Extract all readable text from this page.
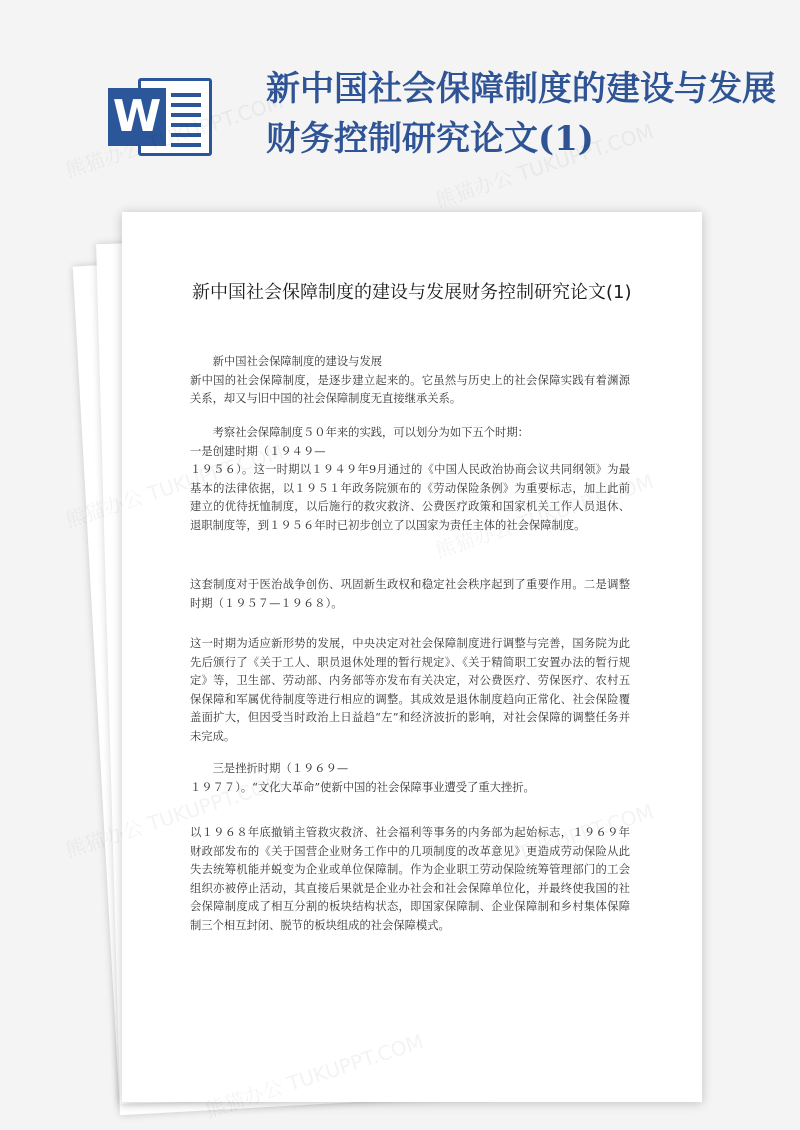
W
新中国社会保障制度的建设与发展财务控制研究论文(1)
新中国社会保障制度的建设与发展财务控制研究论文(1)

　　新中国社会保障制度的建设与发展
新中国的社会保障制度，是逐步建立起来的。它虽然与历史上的社会保障实践有着渊源关系，却又与旧中国的社会保障制度无直接继承关系。

　　考察社会保障制度５０年来的实践，可以划分为如下五个时期：
一是创建时期（１９４９—
１９５６）。这一时期以１９４９年9月通过的《中国人民政治协商会议共同纲领》为最基本的法律依据，以１９５１年政务院颁布的《劳动保险条例》为重要标志，加上此前建立的优待抚恤制度，以后施行的救灾救济、公费医疗政策和国家机关工作人员退休、退职制度等，到１９５６年时已初步创立了以国家为责任主体的社会保障制度。

这套制度对于医治战争创伤、巩固新生政权和稳定社会秩序起到了重要作用。二是调整时期（１９５７—１９６８）。

这一时期为适应新形势的发展，中央决定对社会保障制度进行调整与完善，国务院为此先后颁行了《关于工人、职员退休处理的暂行规定》、《关于精简职工安置办法的暂行规定》等，卫生部、劳动部、内务部等亦发布有关决定，对公费医疗、劳保医疗、农村五保保障和军属优待制度等进行相应的调整。其成效是退休制度趋向正常化、社会保险覆盖面扩大，但因受当时政治上日益趋“左”和经济波折的影响，对社会保障的调整任务并未完成。

　　三是挫折时期（１９６９—
１９７７）。“文化大革命”使新中国的社会保障事业遭受了重大挫折。

以１９６８年底撤销主管救灾救济、社会福利等事务的内务部为起始标志，１９６９年财政部发布的《关于国营企业财务工作中的几项制度的改革意见》更造成劳动保险从此失去统筹机能并蜕变为企业或单位保障制。作为企业职工劳动保险统筹管理部门的工会组织亦被停止活动，其直接后果就是企业办社会和社会保障单位化，并最终使我国的社会保障制度成了相互分割的板块结构状态，即国家保障制、企业保障制和乡村集体保障制三个相互封闭、脱节的板块组成的社会保障模式。
